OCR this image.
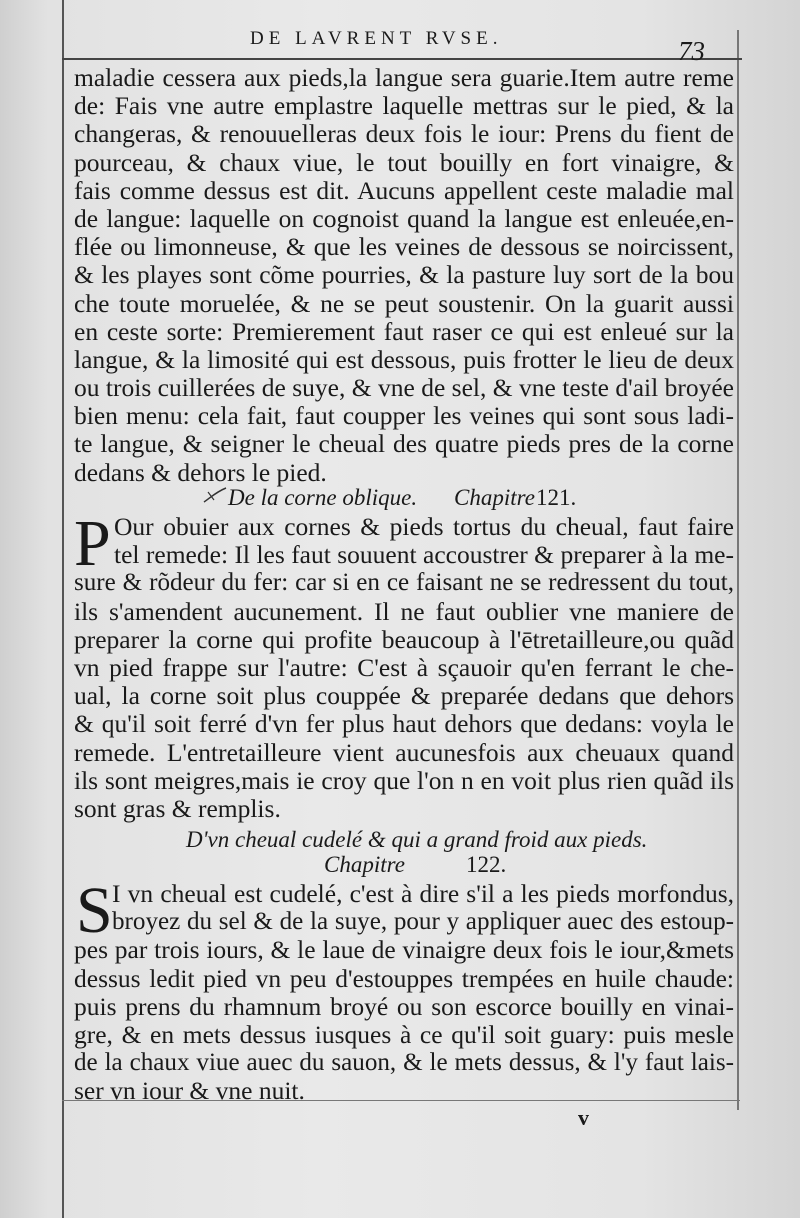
DE LAVRENT RVSE.	73
maladie cessera aux pieds,la langue sera guarie.Item autre reme
de: Fais vne autre emplastre laquelle mettras sur le pied, & la
changeras, & renouuelleras deux fois le iour: Prens du fient de
pourceau, & chaux viue, le tout bouilly en fort vinaigre, &
fais comme dessus est dit. Aucuns appellent ceste maladie mal
de langue: laquelle on cognoist quand la langue est enleuée,en-
flée ou limonneuse, & que les veines de dessous se noircissent,
& les playes sont cõme pourries, & la pasture luy sort de la bou
che toute moruelée, & ne se peut soustenir. On la guarit aussi
en ceste sorte: Premierement faut raser ce qui est enleué sur la
langue, & la limosité qui est dessous, puis frotter le lieu de deux
ou trois cuillerées de suye, & vne de sel, & vne teste d'ail broyée
bien menu: cela fait, faut coupper les veines qui sont sous ladi-
te langue, & seigner le cheual des quatre pieds pres de la corne
dedans & dehors le pied.
De la corne oblique. Chapitre 121.
P Our obuier aux cornes & pieds tortus du cheual, faut faire
tel remede: Il les faut souuent accoustrer & preparer à la me-
sure & rõdeur du fer: car si en ce faisant ne se redressent du tout,
ils s'amendent aucunement. Il ne faut oublier vne maniere de
preparer la corne qui profite beaucoup à l'ētretailleure,ou quãd
vn pied frappe sur l'autre: C'est à sçauoir qu'en ferrant le che-
ual, la corne soit plus couppée & preparée dedans que dehors
& qu'il soit ferré d'vn fer plus haut dehors que dedans: voyla le
remede. L'entretailleure vient aucunesfois aux cheuaux quand
ils sont meigres,mais ie croy que l'on n en voit plus rien quãd ils
sont gras & remplis.
D'vn cheual cudelé & qui a grand froid aux pieds.
Chapitre	122.
S I vn cheual est cudelé, c'est à dire s'il a les pieds morfondus,
broyez du sel & de la suye, pour y appliquer auec des estoup-
pes par trois iours, & le laue de vinaigre deux fois le iour,&mets
dessus ledit pied vn peu d'estouppes trempées en huile chaude:
puis prens du rhamnum broyé ou son escorce bouilly en vinai-
gre, & en mets dessus iusques à ce qu'il soit guary: puis mesle
de la chaux viue auec du sauon, & le mets dessus, & l'y faut lais-
ser vn iour & vne nuit.
v
